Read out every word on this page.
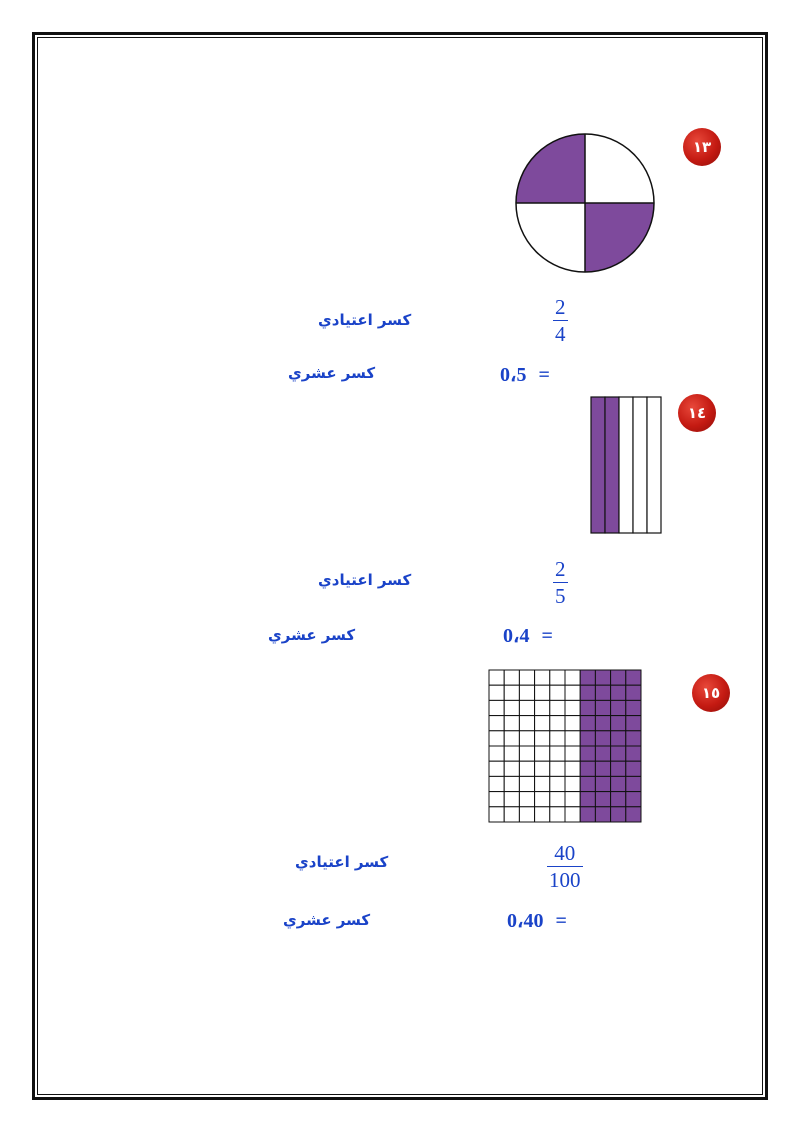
١٣
2
4
كسر اعتيادي
0،5 =
كسر عشري
١٤
2
5
كسر اعتيادي
0،4 =
كسر عشري
١٥
40
100
كسر اعتيادي
0،40 =
كسر عشري
